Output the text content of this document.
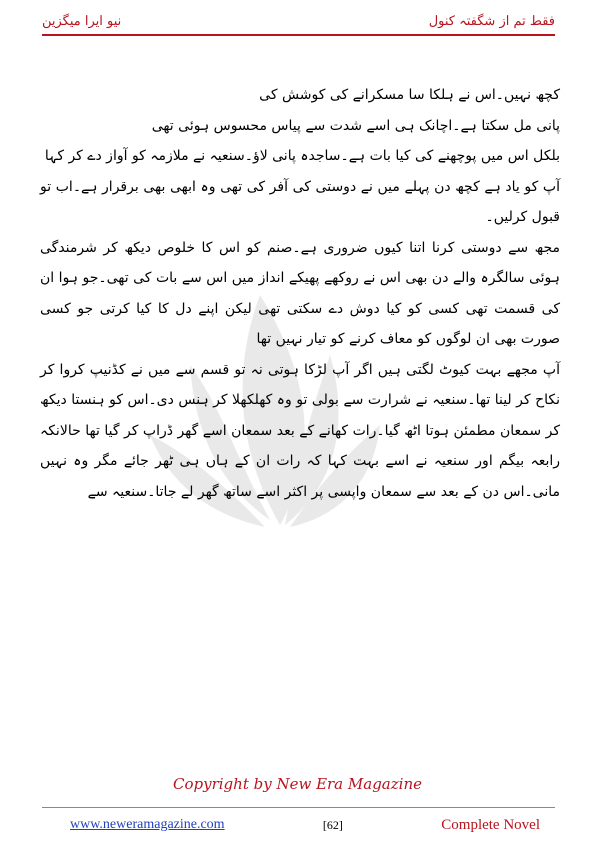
نیو ایرا میگزین	فقط تم از شگفتہ کنول

کچھ نہیں۔اس نے ہلکا سا مسکرانے کی کوشش کی

پانی مل سکتا ہے۔اچانک ہی اسے شدت سے پیاس محسوس ہوئی تھی

بلکل اس میں پوچھنے کی کیا بات ہے۔ساجدہ پانی لاؤ۔سنعیہ نے ملازمہ کو آواز دے کر کہا

آپ کو یاد ہے کچھ دن پہلے میں نے دوستی کی آفر کی تھی وہ ابھی بھی برقرار ہے۔اب تو قبول کرلیں۔

مجھ سے دوستی کرنا اتنا کیوں ضروری ہے۔صنم کو اس کا خلوص دیکھ کر شرمندگی ہوئی سالگرہ والے دن بھی اس نے روکھے پھیکے انداز میں اس سے بات کی تھی۔جو ہوا ان کی قسمت تھی کسی کو کیا دوش دے سکتی تھی لیکن اپنے دل کا کیا کرتی جو کسی صورت بھی ان لوگوں کو معاف کرنے کو تیار نہیں تھا

آپ مجھے بہت کیوٹ لگتی ہیں اگر آپ لڑکا ہوتی نہ تو قسم سے میں نے کڈنیپ کروا کر نکاح کر لینا تھا۔سنعیہ نے شرارت سے بولی تو وہ کھلکھلا کر ہنس دی۔اس کو ہنستا دیکھ کر سمعان مطمئن ہوتا اٹھ گیا۔رات کھانے کے بعد سمعان اسے گھر ڈراپ کر گیا تھا حالانکہ رابعہ بیگم اور سنعیہ نے اسے بہت کہا کہ رات ان کے ہاں ہی ٹھر جائے مگر وہ نہیں مانی۔اس دن کے بعد سے سمعان واپسی پر اکثر اسے ساتھ گھر لے جاتا۔سنعیہ سے

Copyright by New Era Magazine
www.neweramagazine.com	[62]	Complete Novel
